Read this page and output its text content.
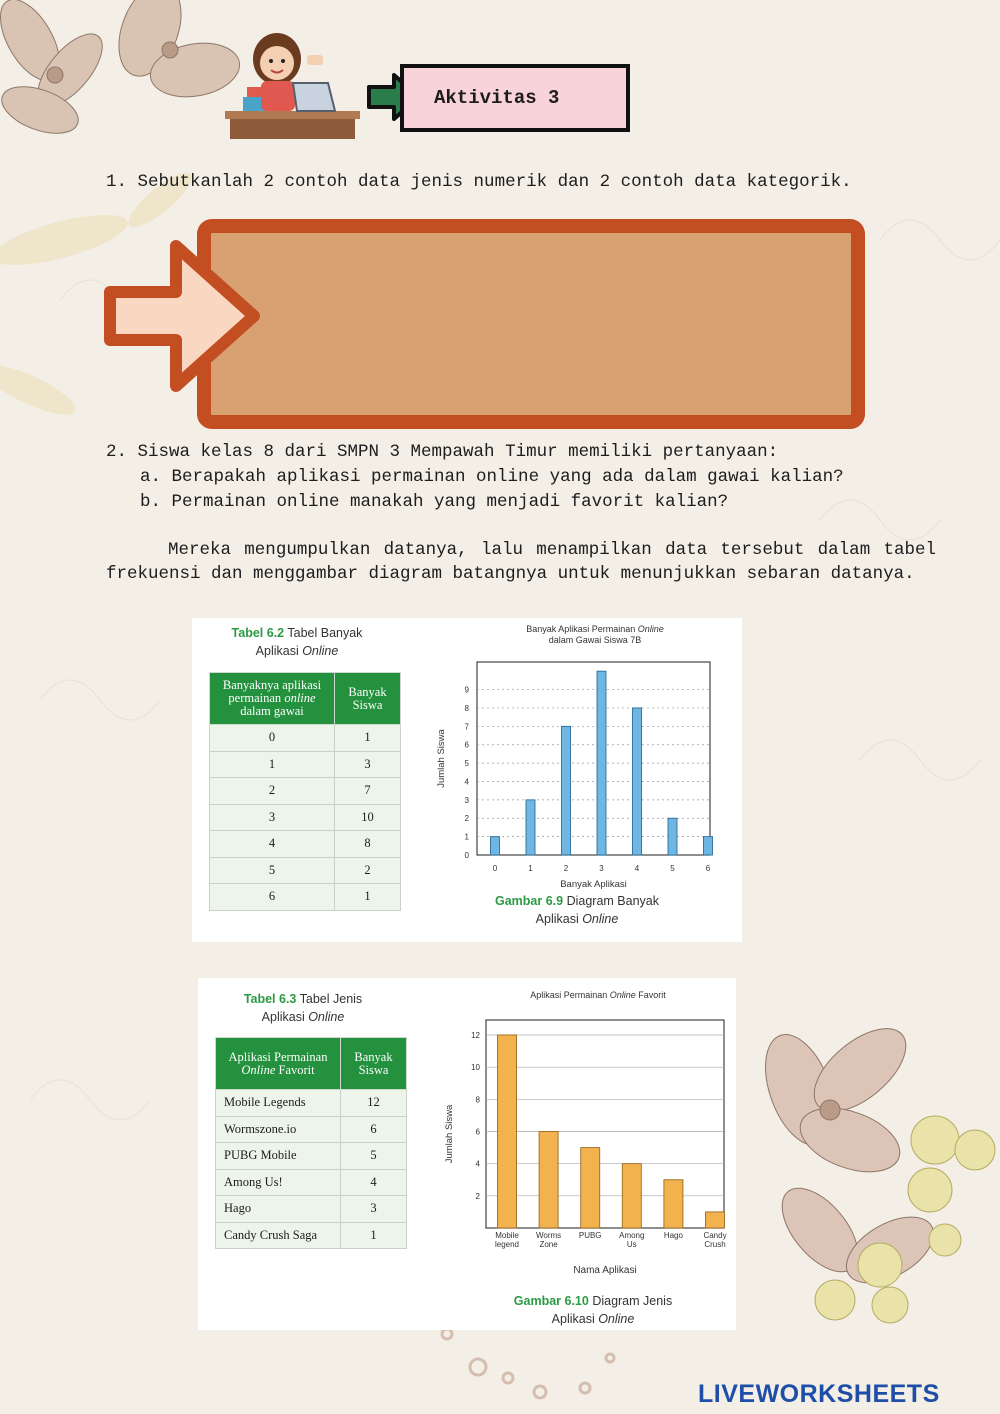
Aktivitas 3
1. Sebutkanlah 2 contoh data jenis numerik dan 2 contoh data kategorik.
2. Siswa kelas 8 dari SMPN 3 Mempawah Timur memiliki pertanyaan:
a. Berapakah aplikasi permainan online yang ada dalam gawai kalian?
b. Permainan online manakah yang menjadi favorit kalian?

Mereka mengumpulkan datanya, lalu menampilkan data tersebut dalam tabel frekuensi dan menggambar diagram batangnya untuk menunjukkan sebaran datanya.

Tabel 6.2 Tabel Banyak
Aplikasi Online
Banyaknya aplikasi permainan online dalam gawai	Banyak Siswa
0	1
1	3
2	7
3	10
4	8
5	2
6	1
Banyak Aplikasi Permainan Online
dalam Gawai Siswa 7B
0
1
2
3
4
5
6
7
8
9
0	1	2	3	4	5	6
Banyak Aplikasi
Jumlah Siswa
Gambar 6.9 Diagram Banyak
Aplikasi Online
Tabel 6.3 Tabel Jenis
Aplikasi Online
Aplikasi Permainan Online Favorit	Banyak Siswa
Mobile Legends	12
Wormszone.io	6
PUBG Mobile	5
Among Us!	4
Hago	3
Candy Crush Saga	1
Aplikasi Permainan Online Favorit
2
4
6
8
10
12
Mobile
legend
Worms
Zone
PUBG Among
Us
Hago	Candy
Crush
Nama Aplikasi
Jumlah Siswa
Gambar 6.10 Diagram Jenis
Aplikasi Online
LIVEWORKSHEETS
